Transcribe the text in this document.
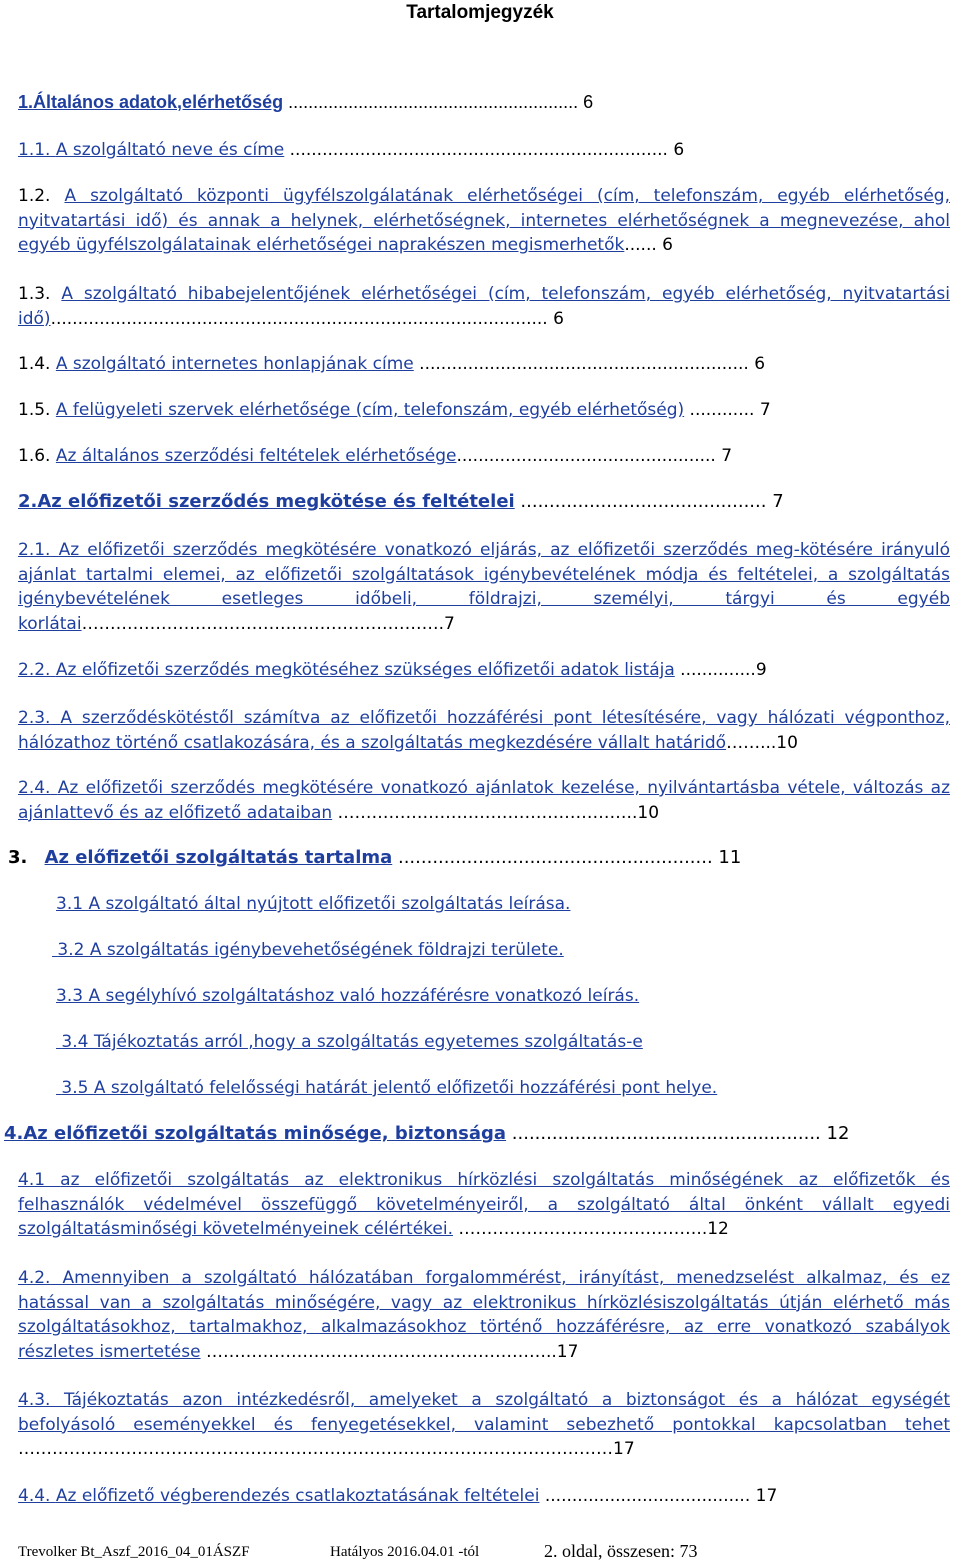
Tartalomjegyzék
1.Általános adatok,elérhetőség .......................................................... 6
1.1. A szolgáltató neve és címe ...................................................................... 6
1.2. A szolgáltató központi ügyfélszolgálatának elérhetőségei (cím, telefonszám, egyéb elérhetőség, nyitvatartási idő) és annak a helynek, elérhetőségnek, internetes elérhetőségnek a megnevezése, ahol egyéb ügyfélszolgálatainak elérhetőségei naprakészen megismerhetők...... 6
1.3. A szolgáltató hibabejelentőjének elérhetőségei (cím, telefonszám, egyéb elérhetőség, nyitvatartási idő)............................................................................................ 6
1.4. A szolgáltató internetes honlapjának címe ............................................................. 6
1.5. A felügyeleti szervek elérhetősége (cím, telefonszám, egyéb elérhetőség) ............ 7
1.6. Az általános szerződési feltételek elérhetősége................................................ 7
2.Az előfizetői szerződés megkötése és feltételei ........................................... 7
2.1. Az előfizetői szerződés megkötésére vonatkozó eljárás, az előfizetői szerződés meg-kötésére irányuló ajánlat tartalmi elemei, az előfizetői szolgáltatások igénybevételének módja és feltételei, a szolgáltatás igénybevételének esetleges időbeli, földrajzi, személyi, tárgyi és egyéb korlátai……………………………………………………….7
2.2. Az előfizetői szerződés megkötéséhez szükséges előfizetői adatok listája ..............9
2.3. A szerződéskötéstől számítva az előfizetői hozzáférési pont létesítésére, vagy hálózati végponthoz, hálózathoz történő csatlakozására, és a szolgáltatás megkezdésére vállalt határidő……...10
2.4. Az előfizetői szerződés megkötésére vonatkozó ajánlatok kezelése, nyilvántartásba vétele, változás az ajánlattevő és az előfizető adataiban ……………………………………………..10
3. Az előfizetői szolgáltatás tartalma ....................................................... 11
3.1 A szolgáltató által nyújtott előfizetői szolgáltatás leírása.
3.2 A szolgáltatás igénybevehetőségének földrajzi területe.
3.3 A segélyhívó szolgáltatáshoz való hozzáférésre vonatkozó leírás.
3.4 Tájékoztatás arról ,hogy a szolgáltatás egyetemes szolgáltatás-e
3.5 A szolgáltató felelősségi határát jelentő előfizetői hozzáférési pont helye.
4.Az előfizetői szolgáltatás minősége, biztonsága ...................................................... 12
4.1 az előfizetői szolgáltatás az elektronikus hírközlési szolgáltatás minőségének az előfizetők és felhasználók védelmével összefüggő követelményeiről, a szolgáltató által önként vállalt egyedi szolgáltatásminőségi követelményeinek célértékei. ……………………………………..12
4.2. Amennyiben a szolgáltató hálózatában forgalommérést, irányítást, menedzselést alkalmaz, és ez hatással van a szolgáltatás minőségére, vagy az elektronikus hírközlésiszolgáltatás útján elérhető más szolgáltatásokhoz, tartalmakhoz, alkalmazásokhoz történő hozzáférésre, az erre vonatkozó szabályok részletes ismertetése ……………………………………………………..17
4.3. Tájékoztatás azon intézkedésről, amelyeket a szolgáltató a biztonságot és a hálózat egységét befolyásoló eseményekkel és fenyegetésekkel, valamint sebezhető pontokkal kapcsolatban tehet ……………………………………………………………………………………………17
4.4. Az előfizető végberendezés csatlakoztatásának feltételei ...................................... 17
Trevolker Bt_Aszf_2016_04_01ÁSZF	Hatályos 2016.04.01 -tól	2. oldal, összesen: 73
